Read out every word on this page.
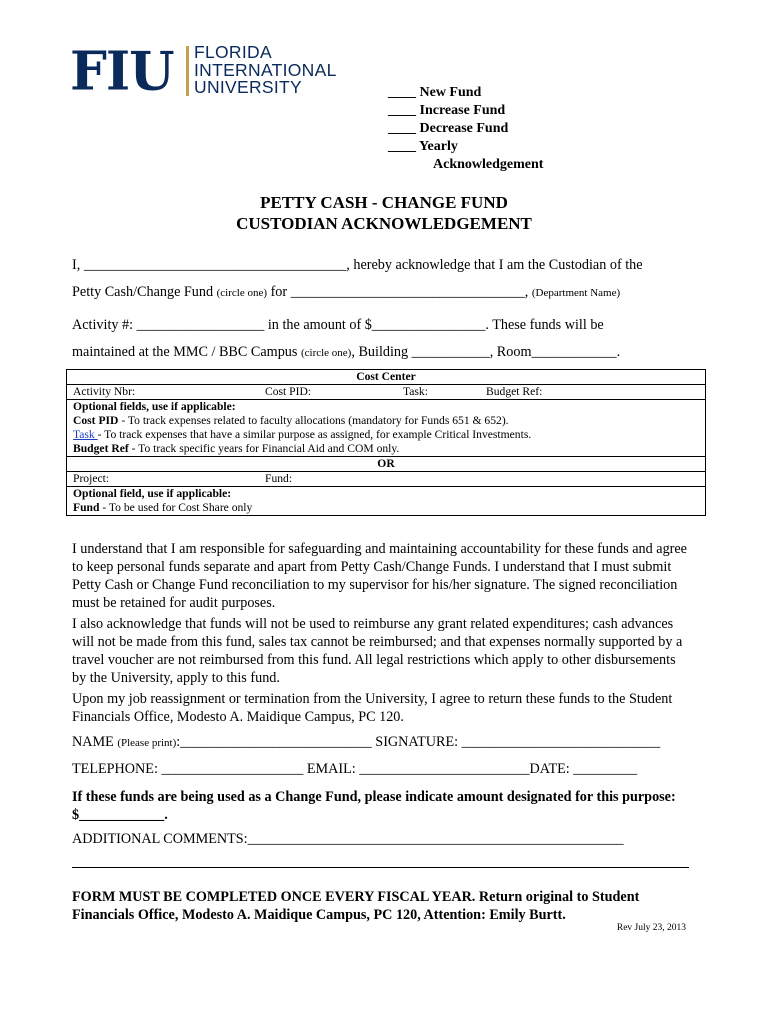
FIU FLORIDA
INTERNATIONAL
UNIVERSITY	____ New Fund
____ Increase Fund
____ Decrease Fund
____ Yearly
Acknowledgement
PETTY CASH - CHANGE FUND
CUSTODIAN ACKNOWLEDGEMENT
I, _____________________________________, hereby acknowledge that I am the Custodian of the
Petty Cash/Change Fund (circle one) for _________________________________, (Department Name)
Activity #: __________________ in the amount of $________________. These funds will be
maintained at the MMC / BBC Campus (circle one), Building ___________, Room____________.
Cost Center

Activity Nbr:	Cost PID:	Task:	Budget Ref:

Optional fields, use if applicable:
Cost PID - To track expenses related to faculty allocations (mandatory for Funds 651 & 652).
Task - To track expenses that have a similar purpose as assigned, for example Critical Investments.
Budget Ref - To track specific years for Financial Aid and COM only.

OR

Project:	Fund:

Optional field, use if applicable:
Fund - To be used for Cost Share only
I understand that I am responsible for safeguarding and maintaining accountability for these funds and agree to keep personal funds separate and apart from Petty Cash/Change Funds. I understand that I must submit Petty Cash or Change Fund reconciliation to my supervisor for his/her signature. The signed reconciliation must be retained for audit purposes.
I also acknowledge that funds will not be used to reimburse any grant related expenditures; cash advances will not be made from this fund, sales tax cannot be reimbursed; and that expenses normally supported by a travel voucher are not reimbursed from this fund. All legal restrictions which apply to other disbursements by the University, apply to this fund.
Upon my job reassignment or termination from the University, I agree to return these funds to the Student Financials Office, Modesto A. Maidique Campus, PC 120.
NAME (Please print):___________________________ SIGNATURE: ____________________________
TELEPHONE: ____________________ EMAIL: ________________________DATE: _________
If these funds are being used as a Change Fund, please indicate amount designated for this purpose: $____________.
ADDITIONAL COMMENTS:_____________________________________________________
FORM MUST BE COMPLETED ONCE EVERY FISCAL YEAR. Return original to Student Financials Office, Modesto A. Maidique Campus, PC 120, Attention: Emily Burtt.
Rev July 23, 2013
